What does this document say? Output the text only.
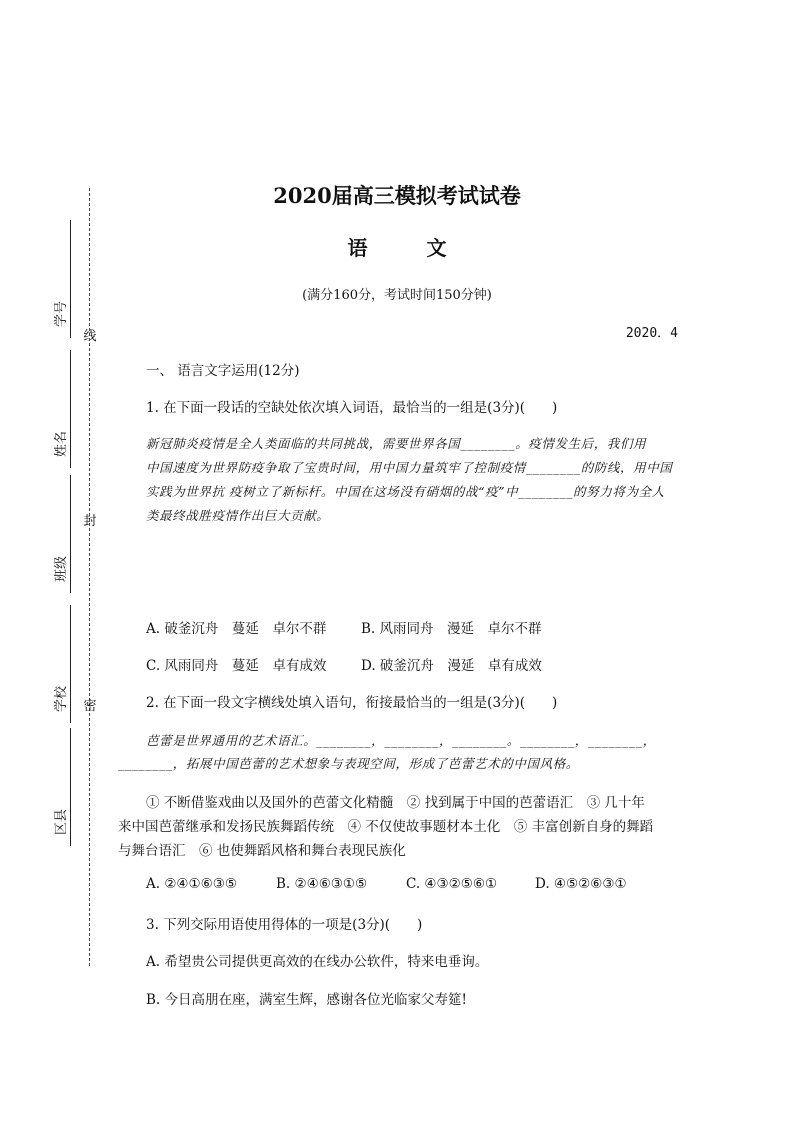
线
封
密
学号
姓名
班级
学校
区县
2020届高三模拟考试试卷
语 文
(满分160分，考试时间150分钟)
2020．4
一、 语言文字运用(12分)
1. 在下面一段话的空缺处依次填入词语，最恰当的一组是(3分)(　　)
新冠肺炎疫情是全人类面临的共同挑战，需要世界各国________。疫情发生后，我们用
中国速度为世界防疫争取了宝贵时间，用中国力量筑牢了控制疫情________的防线，用中国
实践为世界抗 疫树立了新标杆。中国在这场没有硝烟的战“疫”中________的努力将为全人
类最终战胜疫情作出巨大贡献。
A. 破釜沉舟　蔓延　卓尔不群	B. 风雨同舟　漫延　卓尔不群
C. 风雨同舟　蔓延　卓有成效	D. 破釜沉舟　漫延　卓有成效
2. 在下面一段文字横线处填入语句，衔接最恰当的一组是(3分)(　　)
芭蕾是世界通用的艺术语汇。________，________，________。________，________，
________，拓展中国芭蕾的艺术想象与表现空间，形成了芭蕾艺术的中国风格。
① 不断借鉴戏曲以及国外的芭蕾文化精髓　② 找到属于中国的芭蕾语汇　③ 几十年
来中国芭蕾继承和发扬民族舞蹈传统　④ 不仅使故事题材本土化　⑤ 丰富创新自身的舞蹈
与舞台语汇　⑥ 也使舞蹈风格和舞台表现民族化
A. ②④①⑥③⑤	B. ②④⑥③①⑤	C. ④③②⑤⑥①	D. ④⑤②⑥③①
3. 下列交际用语使用得体的一项是(3分)(　　)
A. 希望贵公司提供更高效的在线办公软件，特来电垂询。
B. 今日高朋在座，满室生辉，感谢各位光临家父寿筵!
